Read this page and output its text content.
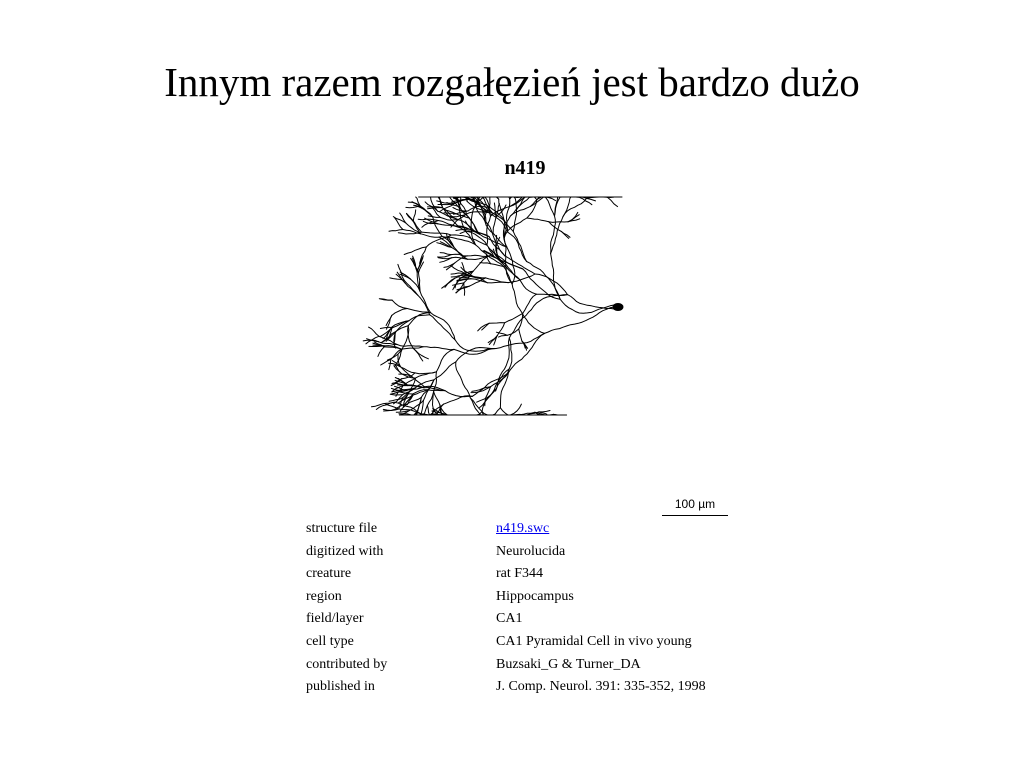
Innym razem rozgałęzień jest bardzo dużo
n419
100 µm
structure file	n419.swc
digitized with	Neurolucida
creature	rat F344
region	Hippocampus
field/layer	CA1
cell type	CA1 Pyramidal Cell in vivo young
contributed by	Buzsaki_G & Turner_DA
published in	J. Comp. Neurol. 391: 335-352, 1998
